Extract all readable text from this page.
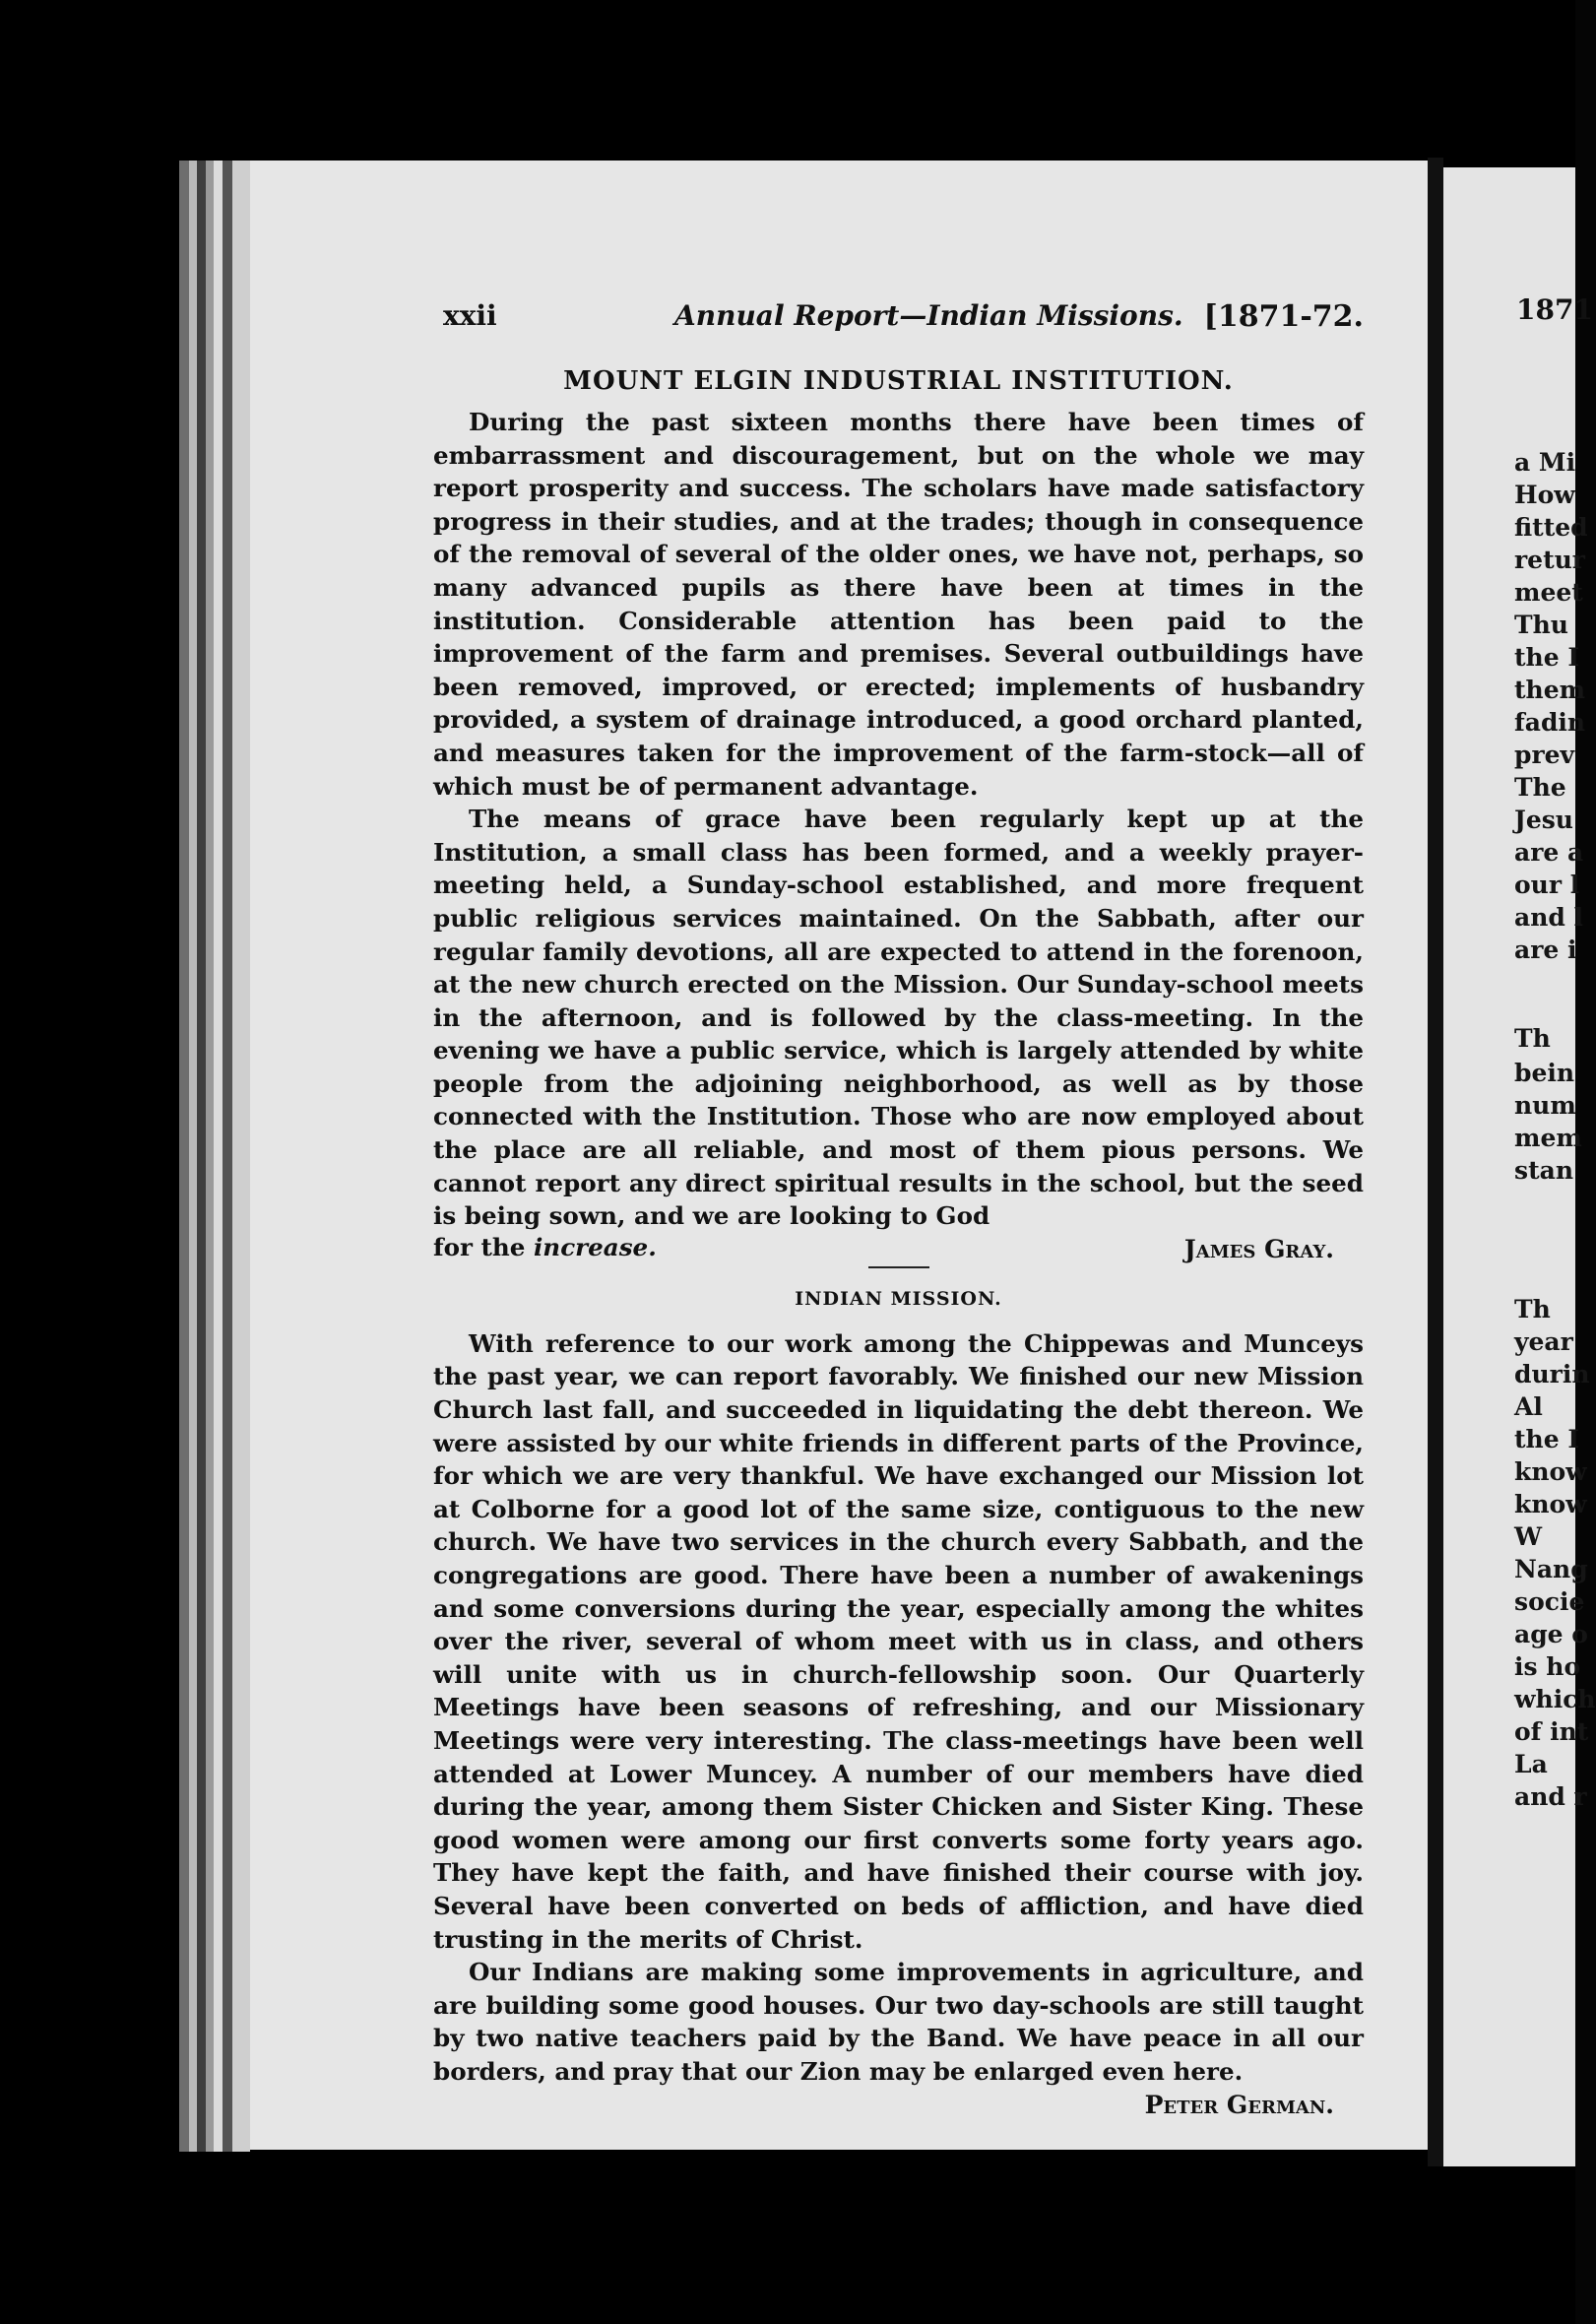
1871
a Mi
How
fitted
retur
meet
Thu
the I
them
fadin
prev
The
Jesu
are a
our l
and l
are i
Th
bein
num
mem
stan
Th
year
durin
Al
the I
know
know
W
Nang
socie
age o
is ho
which
of int
La
and r
xxii	Annual Report—Indian Missions. [1871-72.
MOUNT ELGIN INDUSTRIAL INSTITUTION.

During the past sixteen months there have been times of embarrassment and discouragement, but on the whole we may report prosperity and success. The scholars have made satisfactory progress in their studies, and at the trades; though in consequence of the removal of several of the older ones, we have not, perhaps, so many advanced pupils as there have been at times in the institution. Considerable attention has been paid to the improvement of the farm and premises. Several outbuildings have been removed, improved, or erected; implements of husbandry provided, a system of drainage introduced, a good orchard planted, and measures taken for the improvement of the farm-stock—all of which must be of permanent advantage.

The means of grace have been regularly kept up at the Institution, a small class has been formed, and a weekly prayer-meeting held, a Sunday-school established, and more frequent public religious services maintained. On the Sabbath, after our regular family devotions, all are expected to attend in the forenoon, at the new church erected on the Mission. Our Sunday-school meets in the afternoon, and is followed by the class-meeting. In the evening we have a public service, which is largely attended by white people from the adjoining neighborhood, as well as by those connected with the Institution. Those who are now employed about the place are all reliable, and most of them pious persons. We cannot report any direct spiritual results in the school, but the seed is being sown, and we are looking to God

for the increase.	James Gray.
INDIAN MISSION.

With reference to our work among the Chippewas and Munceys the past year, we can report favorably. We finished our new Mission Church last fall, and succeeded in liquidating the debt thereon. We were assisted by our white friends in different parts of the Province, for which we are very thankful. We have exchanged our Mission lot at Colborne for a good lot of the same size, contiguous to the new church. We have two services in the church every Sabbath, and the congregations are good. There have been a number of awakenings and some conversions during the year, especially among the whites over the river, several of whom meet with us in class, and others will unite with us in church-fellowship soon. Our Quarterly Meetings have been seasons of refreshing, and our Missionary Meetings were very interesting. The class-meetings have been well attended at Lower Muncey. A number of our members have died during the year, among them Sister Chicken and Sister King. These good women were among our first converts some forty years ago. They have kept the faith, and have finished their course with joy. Several have been converted on beds of affliction, and have died trusting in the merits of Christ.

Our Indians are making some improvements in agriculture, and are building some good houses. Our two day-schools are still taught by two native teachers paid by the Band. We have peace in all our borders, and pray that our Zion may be enlarged even here.

Peter German.
